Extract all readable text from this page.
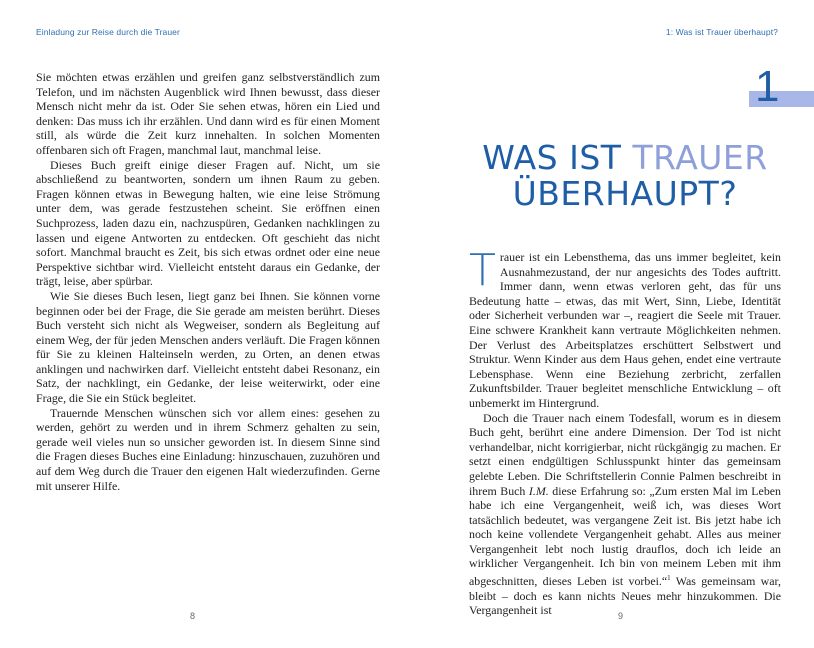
Einladung zur Reise durch die Trauer

Sie möchten etwas erzählen und greifen ganz selbstverständlich zum Telefon, und im nächsten Augenblick wird Ihnen bewusst, dass dieser Mensch nicht mehr da ist. Oder Sie sehen etwas, hören ein Lied und denken: Das muss ich ihr erzählen. Und dann wird es für einen Moment still, als würde die Zeit kurz innehalten. In solchen Momenten offenbaren sich oft Fragen, manchmal laut, manchmal leise.

Dieses Buch greift einige dieser Fragen auf. Nicht, um sie abschließend zu beantworten, sondern um ihnen Raum zu geben. Fragen können etwas in Bewegung halten, wie eine leise Strömung unter dem, was gerade festzustehen scheint. Sie eröffnen einen Suchprozess, laden dazu ein, nachzuspüren, Gedanken nachklingen zu lassen und eigene Antworten zu entdecken. Oft geschieht das nicht sofort. Manchmal braucht es Zeit, bis sich etwas ordnet oder eine neue Perspektive sichtbar wird. Vielleicht entsteht daraus ein Gedanke, der trägt, leise, aber spürbar.

Wie Sie dieses Buch lesen, liegt ganz bei Ihnen. Sie können vorne beginnen oder bei der Frage, die Sie gerade am meisten berührt. Dieses Buch versteht sich nicht als Wegweiser, sondern als Begleitung auf einem Weg, der für jeden Menschen anders verläuft. Die Fragen können für Sie zu kleinen Halteinseln werden, zu Orten, an denen etwas anklingen und nachwirken darf. Vielleicht entsteht dabei Resonanz, ein Satz, der nachklingt, ein Gedanke, der leise weiterwirkt, oder eine Frage, die Sie ein Stück begleitet.

Trauernde Menschen wünschen sich vor allem eines: gesehen zu werden, gehört zu werden und in ihrem Schmerz gehalten zu sein, gerade weil vieles nun so unsicher geworden ist. In diesem Sinne sind die Fragen dieses Buches eine Einladung: hinzuschauen, zuzuhören und auf dem Weg durch die Trauer den eigenen Halt wiederzufinden. Gerne mit unserer Hilfe.

8
1: Was ist Trauer überhaupt?
1
WAS IST TRAUER
ÜBERHAUPT?

Trauer ist ein Lebensthema, das uns immer begleitet, kein Ausnahmezustand, der nur angesichts des Todes auftritt. Immer dann, wenn etwas verloren geht, das für uns Bedeutung hatte – etwas, das mit Wert, Sinn, Liebe, Identität oder Sicherheit verbunden war –, reagiert die Seele mit Trauer. Eine schwere Krankheit kann vertraute Möglichkeiten nehmen. Der Verlust des Arbeitsplatzes erschüttert Selbstwert und Struktur. Wenn Kinder aus dem Haus gehen, endet eine vertraute Lebensphase. Wenn eine Beziehung zerbricht, zerfallen Zukunftsbilder. Trauer begleitet menschliche Entwicklung – oft unbemerkt im Hintergrund.

Doch die Trauer nach einem Todesfall, worum es in diesem Buch geht, berührt eine andere Dimension. Der Tod ist nicht verhandelbar, nicht korrigierbar, nicht rückgängig zu machen. Er setzt einen endgültigen Schlusspunkt hinter das gemeinsam gelebte Leben. Die Schriftstellerin Connie Palmen beschreibt in ihrem Buch I.M. diese Erfahrung so: „Zum ersten Mal im Leben habe ich eine Vergangenheit, weiß ich, was dieses Wort tatsächlich bedeutet, was vergangene Zeit ist. Bis jetzt habe ich noch keine vollendete Vergangenheit gehabt. Alles aus meiner Vergangenheit lebt noch lustig drauflos, doch ich leide an wirklicher Vergangenheit. Ich bin von meinem Leben mit ihm abgeschnitten, dieses Leben ist vorbei.“$^1$ Was gemeinsam war, bleibt – doch es kann nichts Neues mehr hinzukommen. Die Vergangenheit ist	9
